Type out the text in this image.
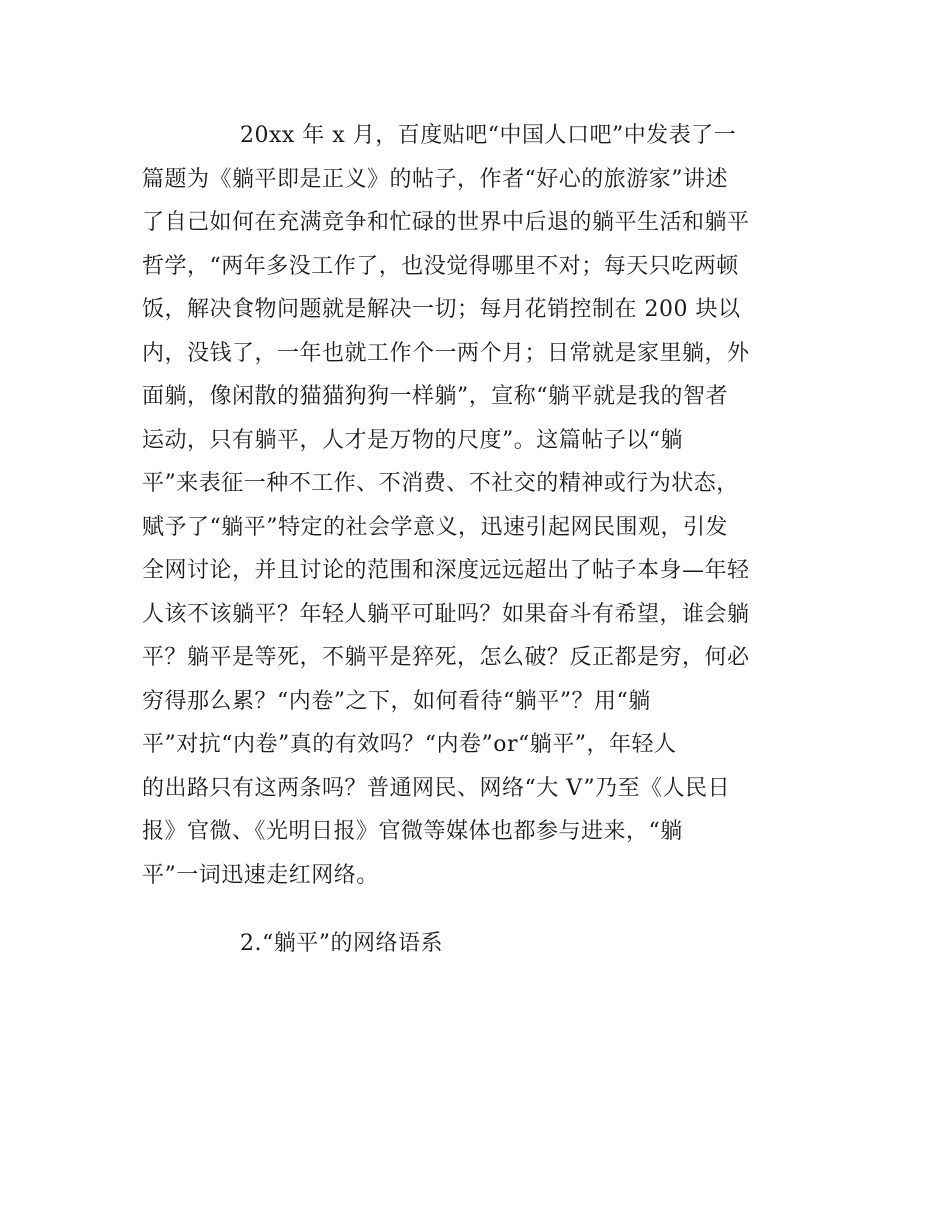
20xx 年 x 月，百度贴吧“中国人口吧”中发表了一
篇题为《躺平即是正义》的帖子，作者“好心的旅游家”讲述
了自己如何在充满竞争和忙碌的世界中后退的躺平生活和躺平
哲学，“两年多没工作了，也没觉得哪里不对；每天只吃两顿
饭，解决食物问题就是解决一切；每月花销控制在 200 块以
内，没钱了，一年也就工作个一两个月；日常就是家里躺，外
面躺，像闲散的猫猫狗狗一样躺”，宣称“躺平就是我的智者
运动，只有躺平，人才是万物的尺度”。这篇帖子以“躺
平”来表征一种不工作、不消费、不社交的精神或行为状态，
赋予了“躺平”特定的社会学意义，迅速引起网民围观，引发
全网讨论，并且讨论的范围和深度远远超出了帖子本身—年轻
人该不该躺平？年轻人躺平可耻吗？如果奋斗有希望，谁会躺
平？躺平是等死，不躺平是猝死，怎么破？反正都是穷，何必
穷得那么累？“内卷”之下，如何看待“躺平”？用“躺
平”对抗“内卷”真的有效吗？“内卷”or“躺平”，年轻人
的出路只有这两条吗？普通网民、网络“大 V”乃至《人民日
报》官微、《光明日报》官微等媒体也都参与进来，“躺
平”一词迅速走红网络。
2.“躺平”的网络语系
